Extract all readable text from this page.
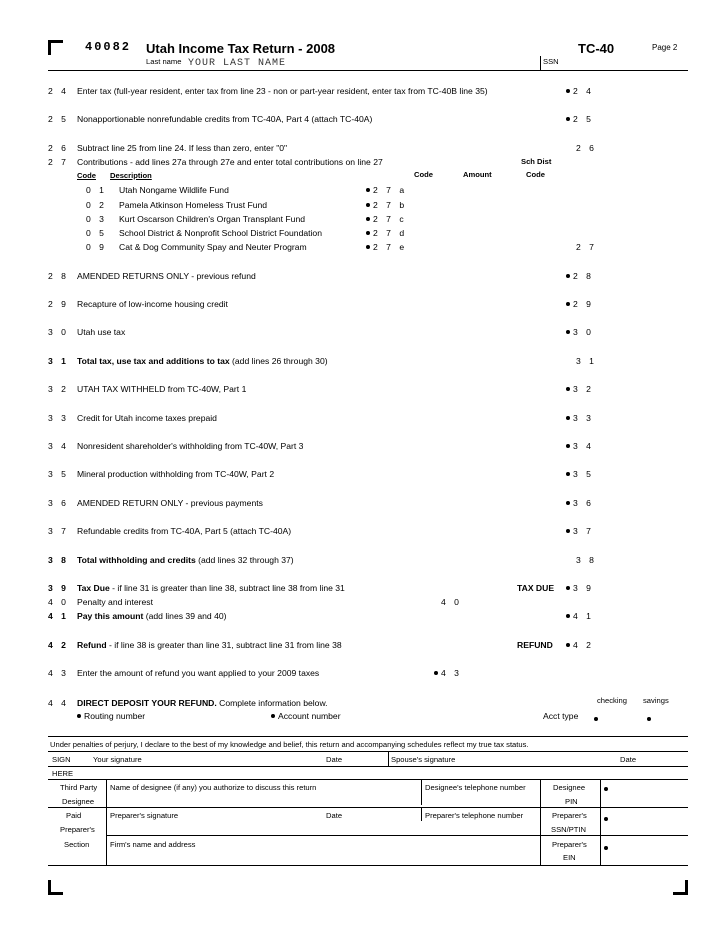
40082 Utah Income Tax Return - 2008	TC-40	Page 2
Last name YOUR LAST NAME	SSN
2 4 Enter tax (full-year resident, enter tax from line 23 - non or part-year resident, enter tax from TC-40B line 35)	2 4
2 5 Nonapportionable nonrefundable credits from TC-40A, Part 4 (attach TC-40A)	2 5
2 6 Subtract line 25 from line 24. If less than zero, enter "0"	2 6
2 7 Contributions - add lines 27a through 27e and enter total contributions on line 27	Sch Dist
Code Description	Code	Amount	Code
0 1 Utah Nongame Wildlife Fund	2 7 a
0 2 Pamela Atkinson Homeless Trust Fund	2 7 b
0 3 Kurt Oscarson Children's Organ Transplant Fund	2 7 c
0 5 School District & Nonprofit School District Foundation	2 7 d
0 9 Cat & Dog Community Spay and Neuter Program	2 7 e	2 7
2 8 AMENDED RETURNS ONLY - previous refund	2 8
2 9 Recapture of low-income housing credit	2 9
3 0 Utah use tax	3 0
3 1 Total tax, use tax and additions to tax (add lines 26 through 30)	3 1
3 2 UTAH TAX WITHHELD from TC-40W, Part 1	3 2
3 3 Credit for Utah income taxes prepaid	3 3
3 4 Nonresident shareholder's withholding from TC-40W, Part 3	3 4
3 5 Mineral production withholding from TC-40W, Part 2	3 5
3 6 AMENDED RETURN ONLY - previous payments	3 6
3 7 Refundable credits from TC-40A, Part 5 (attach TC-40A)	3 7
3 8 Total withholding and credits (add lines 32 through 37)	3 8
3 9 Tax Due - if line 31 is greater than line 38, subtract line 38 from line 31	TAX DUE	3 9
4 0 Penalty and interest	4 0
4 1 Pay this amount (add lines 39 and 40)	4 1
4 2 Refund - if line 38 is greater than line 31, subtract line 31 from line 38	REFUND	4 2
4 3 Enter the amount of refund you want applied to your 2009 taxes	4 3
4 4 DIRECT DEPOSIT YOUR REFUND. Complete information below.	checking savings
Routing number	Account number	Acct type
Under penalties of perjury, I declare to the best of my knowledge and belief, this return and accompanying schedules reflect my true tax status.
SIGN
HERE
Your signature	Date	Spouse's signature	Date
Third Party
Designee
Name of designee (if any) you authorize to discuss this return	Designee's telephone number	Designee
PIN
Paid
Preparer's
Section
Preparer's signature	Date	Preparer's telephone number	Preparer's
SSN/PTIN
Firm's name and address	Preparer's
EIN
